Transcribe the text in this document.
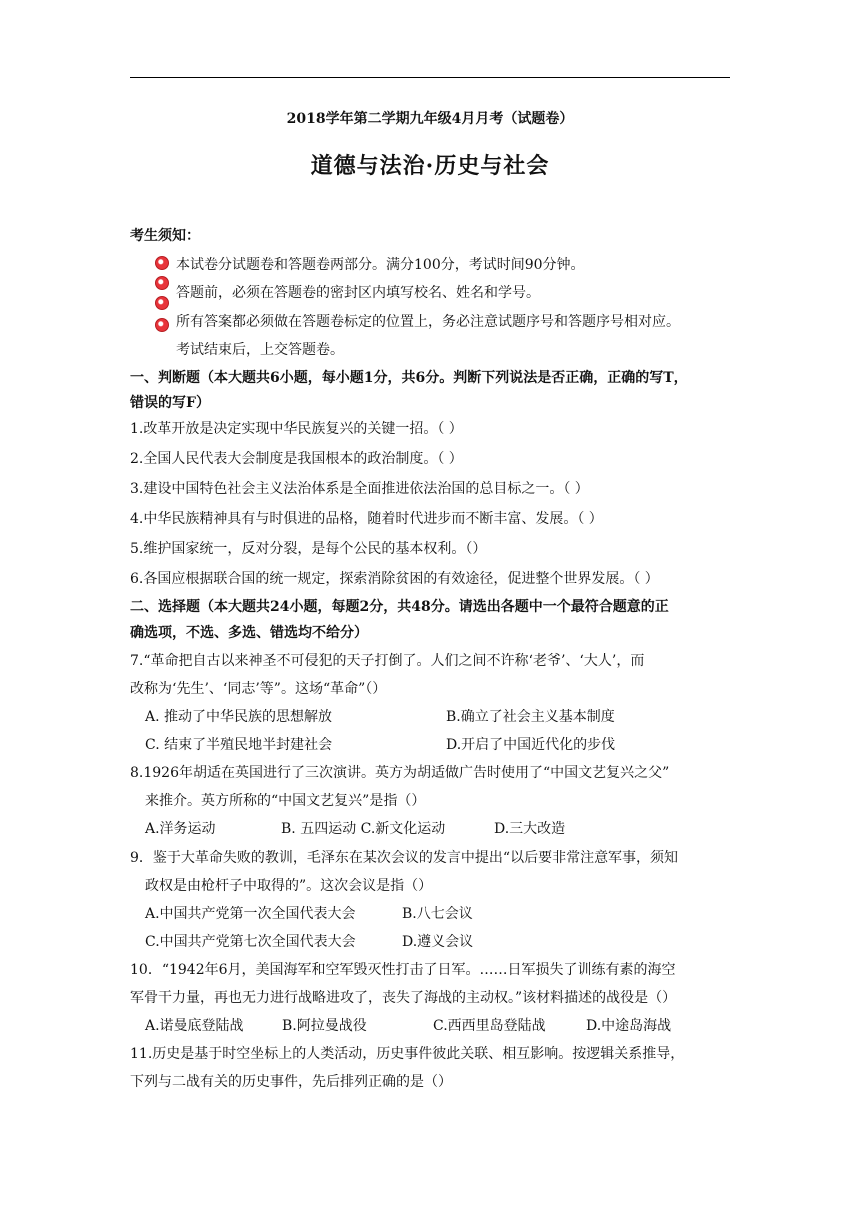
2018学年第二学期九年级4月月考（试题卷）
道德与法治·历史与社会
考生须知：
本试卷分试题卷和答题卷两部分。满分100分，考试时间90分钟。
答题前，必须在答题卷的密封区内填写校名、姓名和学号。
所有答案都必须做在答题卷标定的位置上，务必注意试题序号和答题序号相对应。
考试结束后，上交答题卷。
一、判断题（本大题共6小题，每小题1分，共6分。判断下列说法是否正确，正确的写T，
错误的写F）
1.改革开放是决定实现中华民族复兴的关键一招。（ ）
2.全国人民代表大会制度是我国根本的政治制度。（ ）
3.建设中国特色社会主义法治体系是全面推进依法治国的总目标之一。（ ）
4.中华民族精神具有与时俱进的品格，随着时代进步而不断丰富、发展。（ ）
5.维护国家统一，反对分裂，是每个公民的基本权利。（）
6.各国应根据联合国的统一规定，探索消除贫困的有效途径，促进整个世界发展。（ ）
二、选择题（本大题共24小题，每题2分，共48分。请选出各题中一个最符合题意的正
确选项，不选、多选、错选均不给分）
7.“革命把自古以来神圣不可侵犯的天子打倒了。人们之间不许称‘老爷’、‘大人’，而
改称为‘先生’、‘同志’等”。这场“革命”（）
A. 推动了中华民族的思想解放	B.确立了社会主义基本制度
C. 结束了半殖民地半封建社会	D.开启了中国近代化的步伐
8.1926年胡适在英国进行了三次演讲。英方为胡适做广告时使用了“中国文艺复兴之父”
来推介。英方所称的“中国文艺复兴”是指（）
A.洋务运动	B. 五四运动 C.新文化运动	D.三大改造
9．鉴于大革命失败的教训，毛泽东在某次会议的发言中提出“以后要非常注意军事，须知
政权是由枪杆子中取得的”。这次会议是指（）
A.中国共产党第一次全国代表大会	B.八七会议
C.中国共产党第七次全国代表大会	D.遵义会议
10．“1942年6月，美国海军和空军毁灭性打击了日军。……日军损失了训练有素的海空
军骨干力量，再也无力进行战略进攻了，丧失了海战的主动权。”该材料描述的战役是（）
A.诺曼底登陆战	B.阿拉曼战役	C.西西里岛登陆战	D.中途岛海战
11.历史是基于时空坐标上的人类活动，历史事件彼此关联、相互影响。按逻辑关系推导，
下列与二战有关的历史事件，先后排列正确的是（）
